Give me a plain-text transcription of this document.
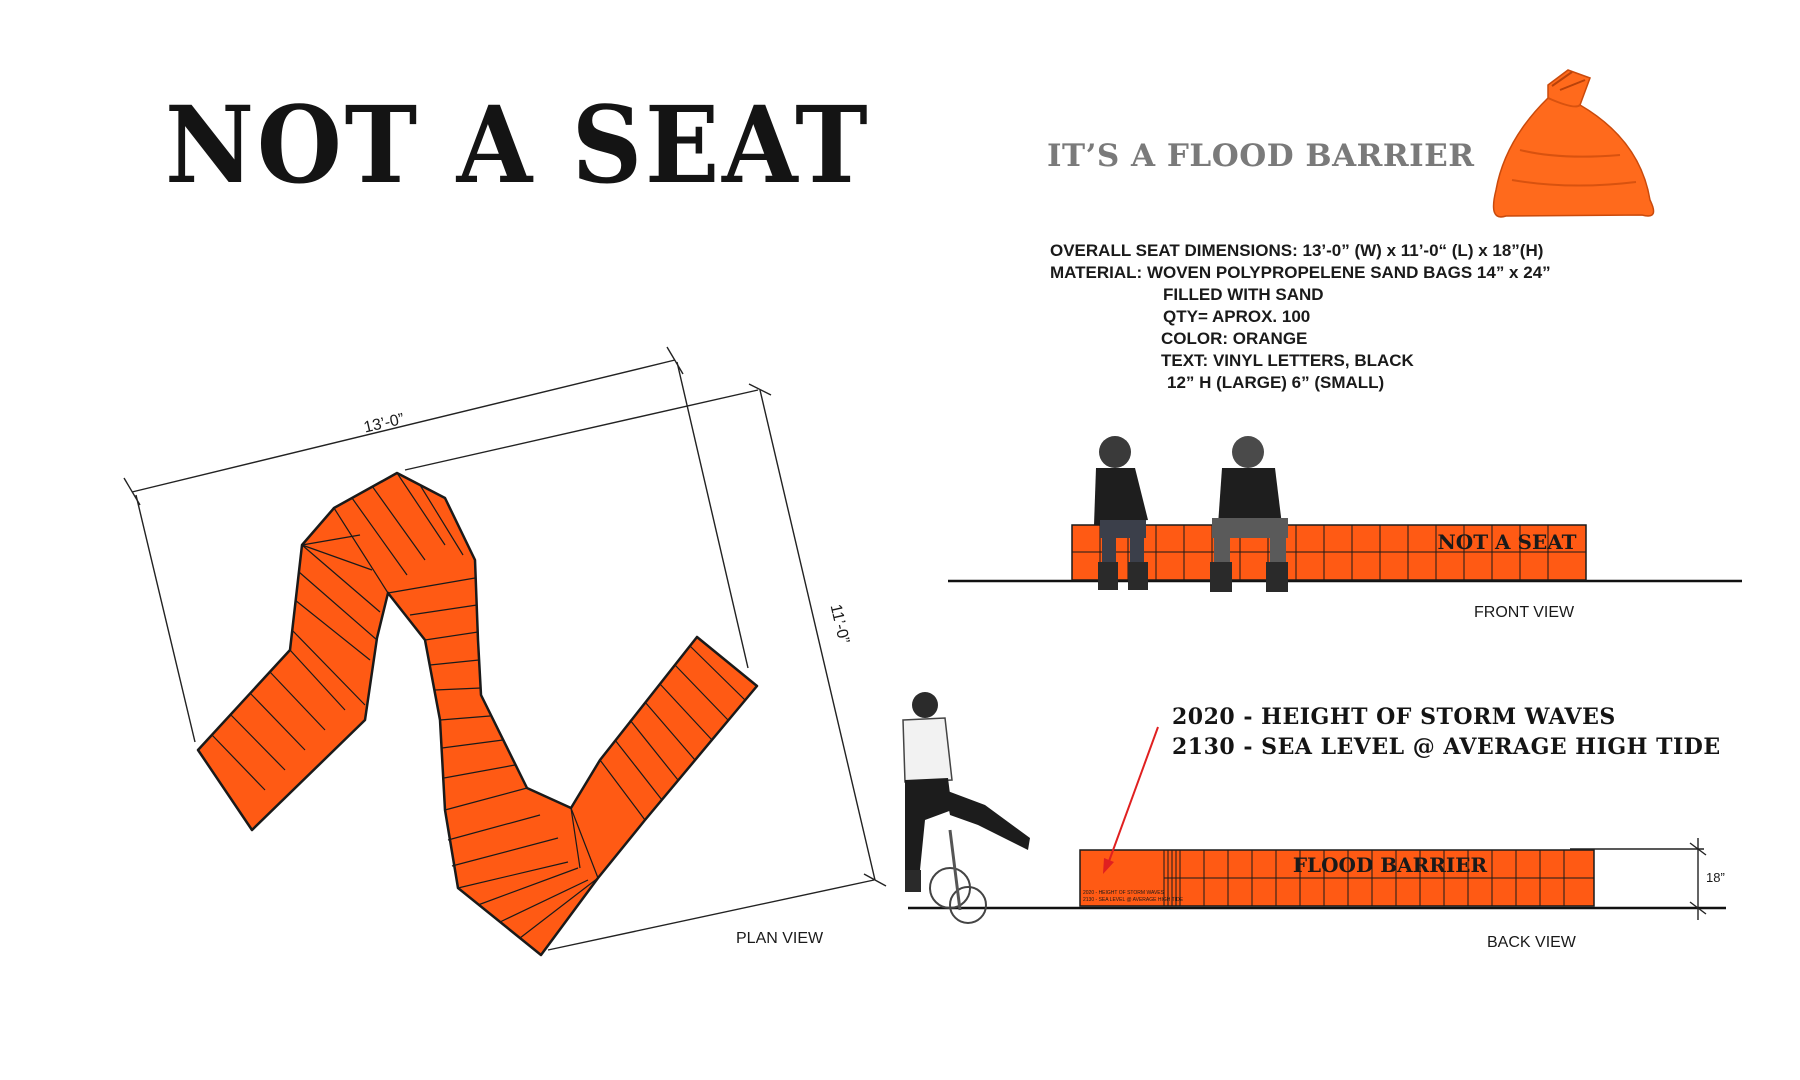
NOT A SEAT	IT’S A FLOOD BARRIER
NOT A SEAT
FLOOD BARRIER
2020 - HEIGHT OF STORM WAVES
2130 - SEA LEVEL @ AVERAGE HIGH TIDE
18”
13’-0”
11’-0”
OVERALL SEAT DIMENSIONS: 13’-0” (W) x 11’-0“ (L) x 18”(H)
MATERIAL: WOVEN POLYPROPELENE SAND BAGS 14” x 24”
FILLED WITH SAND
QTY= APROX. 100
COLOR: ORANGE
TEXT: VINYL LETTERS, BLACK
12” H (LARGE) 6” (SMALL)
PLAN VIEW
FRONT VIEW
BACK VIEW
2020 - HEIGHT OF STORM WAVES
2130 - SEA LEVEL @ AVERAGE HIGH TIDE
